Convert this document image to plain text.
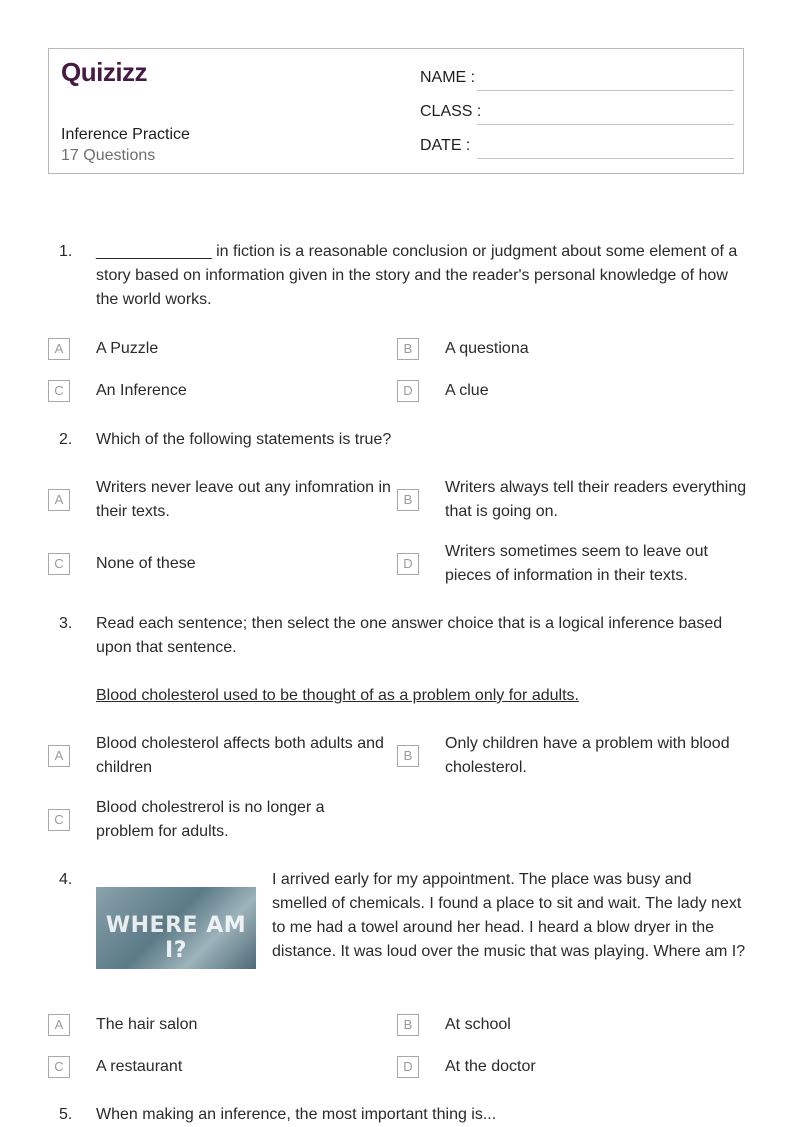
Quizizz
Inference Practice
17 Questions
NAME :
CLASS :
DATE :
1. _____________ in fiction is a reasonable conclusion or judgment about some element of a story based on information given in the story and the reader's personal knowledge of how the world works.
A	A Puzzle	B	A questiona
C	An Inference	D	A clue
2. Which of the following statements is true?
A
Writers never leave out any infomration in their texts.
B
Writers always tell their readers everything that is going on.
C	None of these	D
Writers sometimes seem to leave out pieces of information in their texts.
3. Read each sentence; then select the one answer choice that is a logical inference based upon that sentence.
Blood cholesterol used to be thought of as a problem only for adults.
A
Blood cholesterol affects both adults and children
B
Only children have a problem with blood cholesterol.
C
Blood cholestrerol is no longer a problem for adults.
4.
WHERE AM I?
I arrived early for my appointment. The place was busy and smelled of chemicals. I found a place to sit and wait. The lady next to me had a towel around her head. I heard a blow dryer in the distance. It was loud over the music that was playing. Where am I?
A	The hair salon	B	At school
C	A restaurant	D	At the doctor
5. When making an inference, the most important thing is...
